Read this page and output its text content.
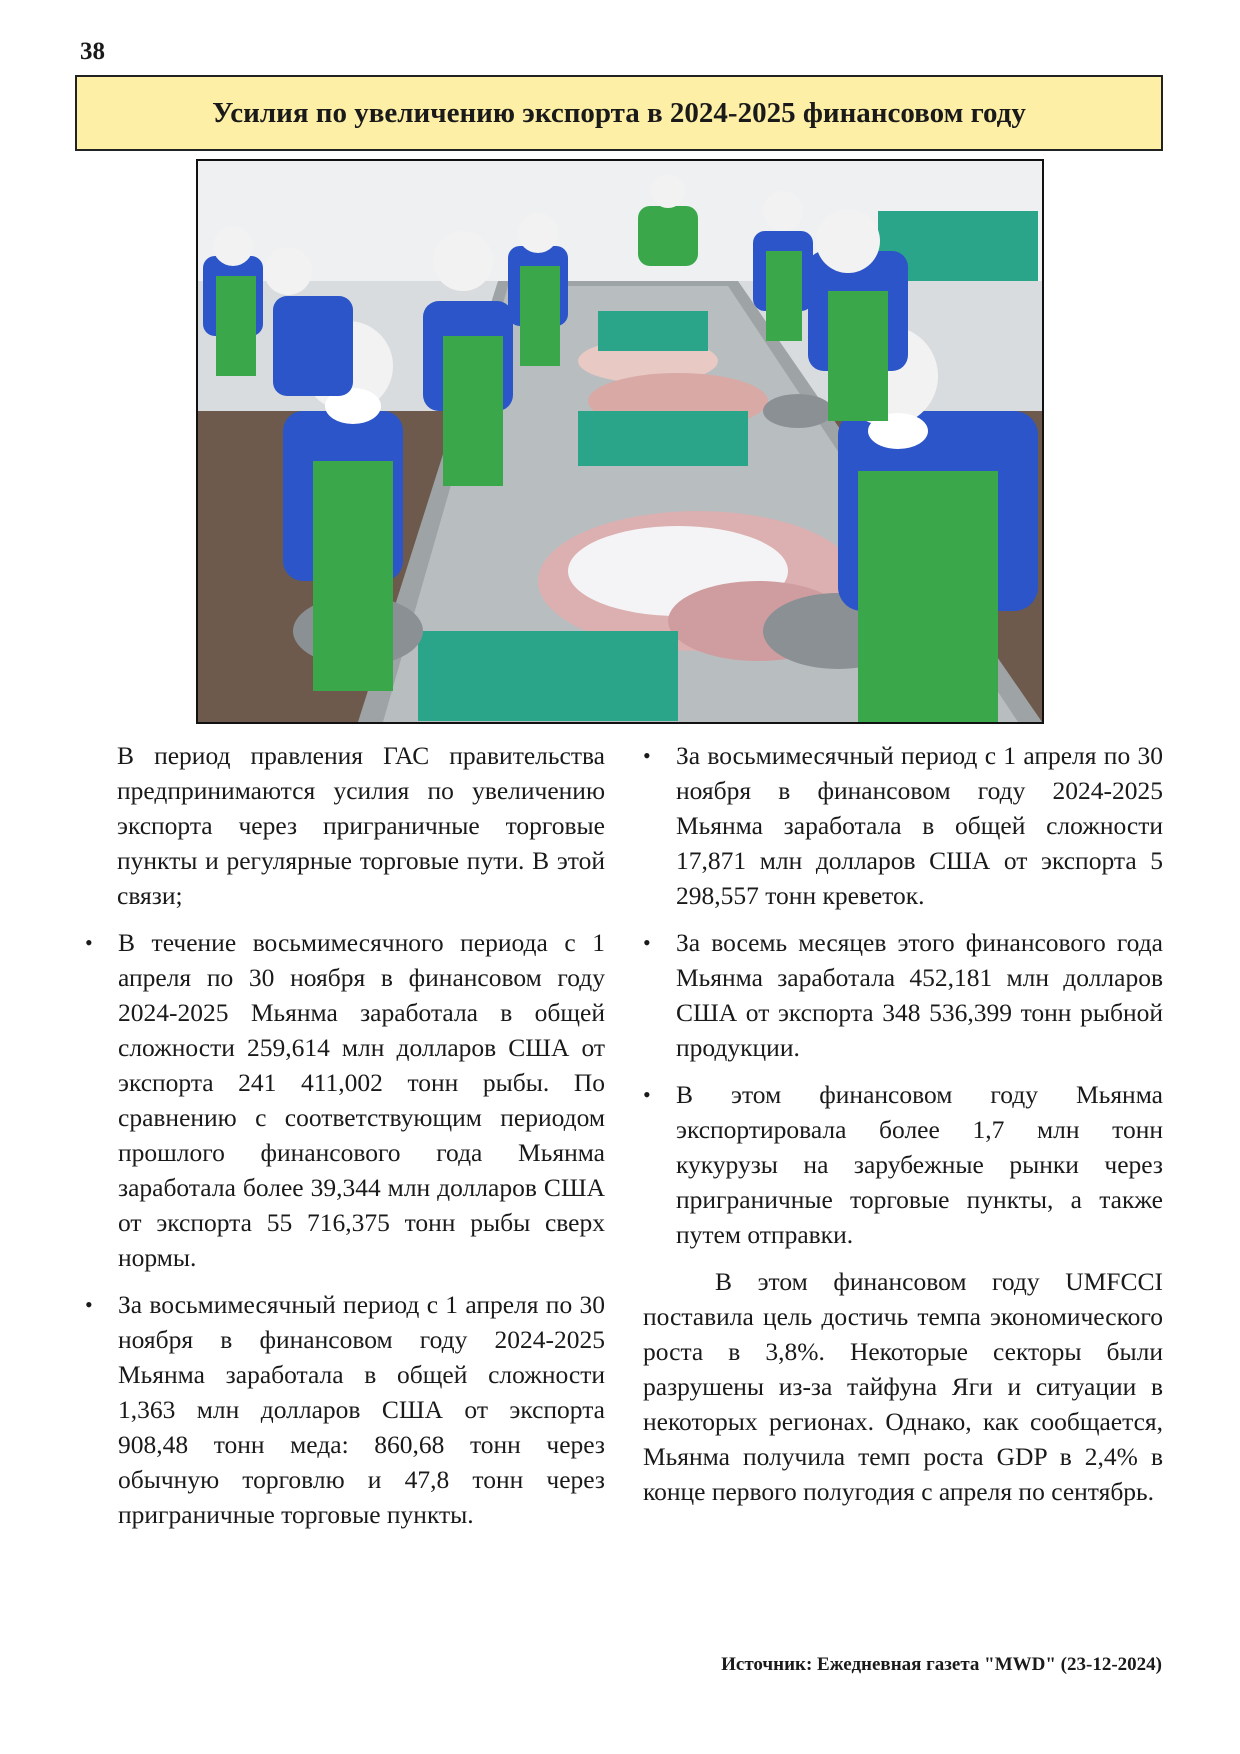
38
Усилия по увеличению экспорта в 2024-2025 финансовом году

В период правления ГАС правительства предпринимаются усилия по увеличению экспорта через приграничные торговые пункты и регулярные торговые пути. В этой связи;

• В течение восьмимесячного периода с 1 апреля по 30 ноября в финансовом году 2024-2025 Мьянма заработала в общей сложности 259,614 млн долларов США от экспорта 241 411,002 тонн рыбы. По сравнению с соответствующим периодом прошлого финансового года Мьянма заработала более 39,344 млн долларов США от экспорта 55 716,375 тонн рыбы сверх нормы.
• За восьмимесячный период с 1 апреля по 30 ноября в финансовом году 2024-2025 Мьянма заработала в общей сложности 1,363 млн долларов США от экспорта 908,48 тонн меда: 860,68 тонн через обычную торговлю и 47,8 тонн через приграничные торговые пункты.
• За восьмимесячный период с 1 апреля по 30 ноября в финансовом году 2024-2025 Мьянма заработала в общей сложности 17,871 млн долларов США от экспорта 5 298,557 тонн креветок.
• За восемь месяцев этого финансового года Мьянма заработала 452,181 млн долларов США от экспорта 348 536,399 тонн рыбной продукции.
• В этом финансовом году Мьянма экспортировала более 1,7 млн тонн кукурузы на зарубежные рынки через приграничные торговые пункты, а также путем отправки.

В этом финансовом году UMFCCI поставила цель достичь темпа экономического роста в 3,8%. Некоторые секторы были разрушены из-за тайфуна Яги и ситуации в некоторых регионах. Однако, как сообщается, Мьянма получила темп роста GDP в 2,4% в конце первого полугодия с апреля по сентябрь.

Источник: Ежедневная газета "MWD" (23-12-2024)
